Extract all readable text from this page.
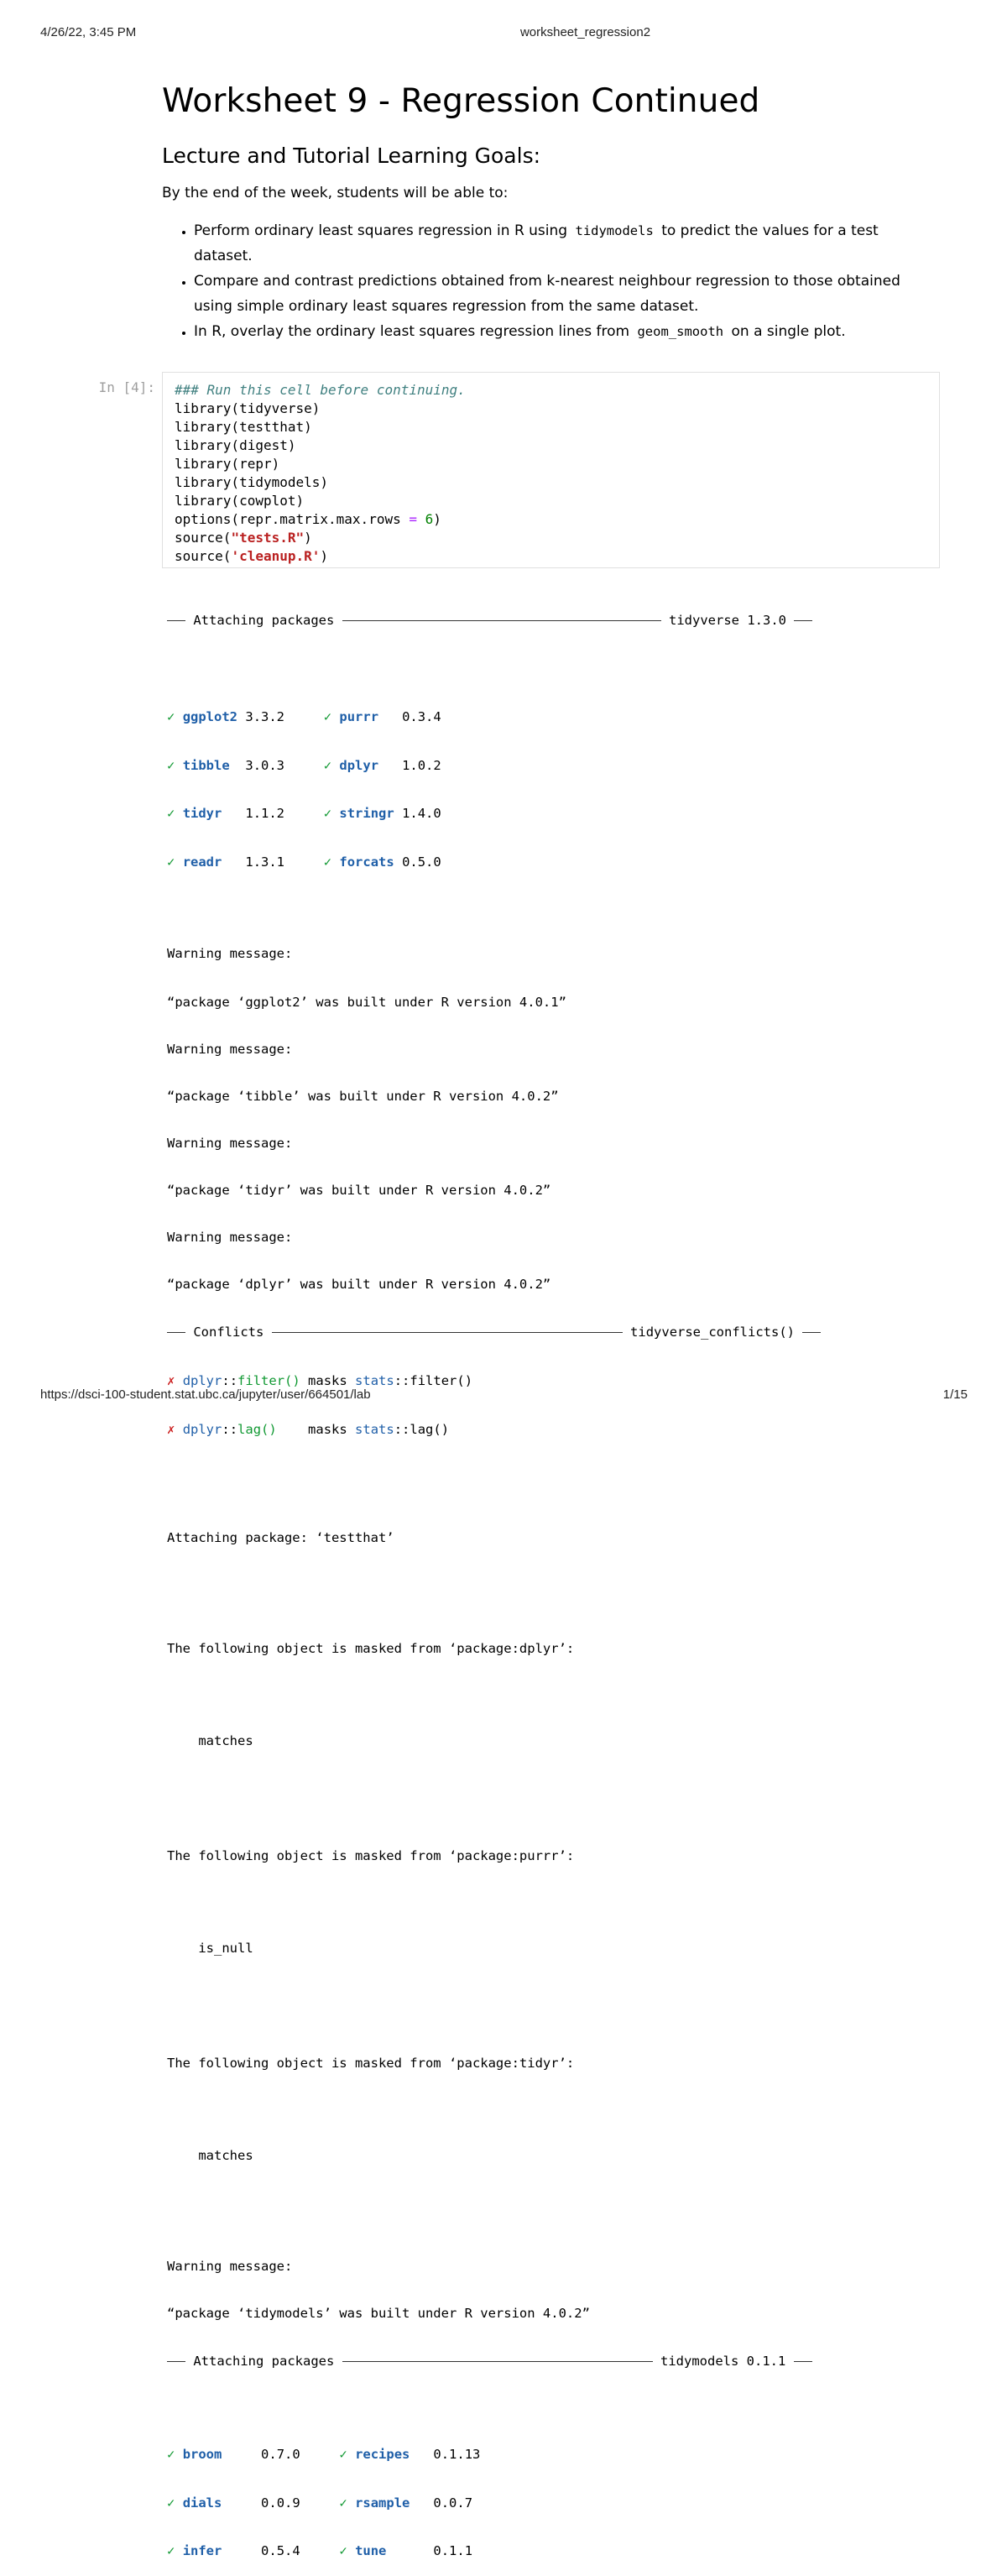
4/26/22, 3:45 PM	worksheet_regression2
https://dsci-100-student.stat.ubc.ca/jupyter/user/664501/lab	1/15
Worksheet 9 - Regression Continued
Lecture and Tutorial Learning Goals:
By the end of the week, students will be able to:
• Perform ordinary least squares regression in R using tidymodels to predict the values for a test dataset.
• Compare and contrast predictions obtained from k-nearest neighbour regression to those obtained using simple ordinary least squares regression from the same dataset.
• In R, overlay the ordinary least squares regression lines from geom_smooth on a single plot.
In [4]: ### Run this cell before continuing.
library(tidyverse)
library(testthat)
library(digest)
library(repr)
library(tidymodels)
library(cowplot)
options(repr.matrix.max.rows = 6)
source("tests.R")
source('cleanup.R')

Attaching packages	tidyverse 1.3.0

✓ ggplot2 3.3.2	✓ purrr 0.3.4

✓ tibble 3.0.3	✓ dplyr 1.0.2

✓ tidyr 1.1.2	✓ stringr 1.4.0

✓ readr 1.3.1	✓ forcats 0.5.0

Warning message:

“package ‘ggplot2’ was built under R version 4.0.1”

Warning message:

“package ‘tibble’ was built under R version 4.0.2”

Warning message:

“package ‘tidyr’ was built under R version 4.0.2”

Warning message:

“package ‘dplyr’ was built under R version 4.0.2”

Conflicts	tidyverse_conflicts()

✗ dplyr::filter() masks stats::filter()

✗ dplyr::lag() masks stats::lag()

Attaching package: ‘testthat’

The following object is masked from ‘package:dplyr’:

matches

The following object is masked from ‘package:purrr’:

is_null

The following object is masked from ‘package:tidyr’:

matches

Warning message:

“package ‘tidymodels’ was built under R version 4.0.2”

Attaching packages	tidymodels 0.1.1

✓ broom	0.7.0	✓ recipes 0.1.13

✓ dials	0.0.9	✓ rsample 0.0.7

✓ infer	0.5.4	✓ tune	0.1.1
